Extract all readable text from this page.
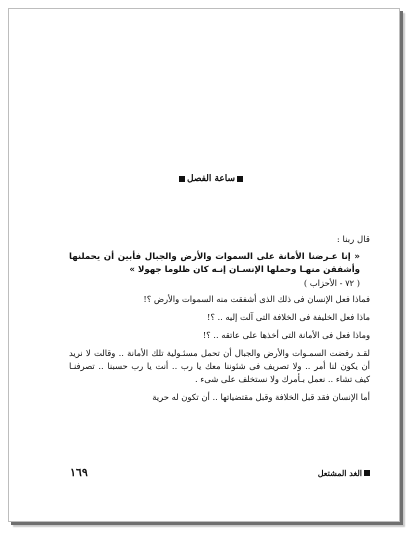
ساعة الفصل

قال ربنا :

« إنا عـرضنا الأمانة على السموات والأرض والجبال فأبين أن يحملنها وأشفقن منهـا وحملها الإنسـان إنـه كان ظلوما جهولا »
( ٧٢ - الأحزاب )

فماذا فعل الإنسان فى ذلك الذى أشفقت منه السموات والأرض ؟!

ماذا فعل الخليفة فى الخلافة التى آلت إليه .. ؟!

وماذا فعل فى الأمانة التى أخذها على عاتقه .. ؟!

لقـد رفضت السمـوات والأرض والجبال أن تحمل مسئـولية تلك الأمانة .. وقالت لا نريد أن يكون لنا أمر .. ولا تصريف فى شئوننا معك يا رب .. أنت يا رب حسبنا .. تصرفنـا كيف تشاء .. نعمل بـأمرك ولا نستخلف على شىء .

أما الإنسان فقد قبل الخلافة وقبل مقتضياتها .. أن تكون له حرية

١٦٩	الغد المشتعل
